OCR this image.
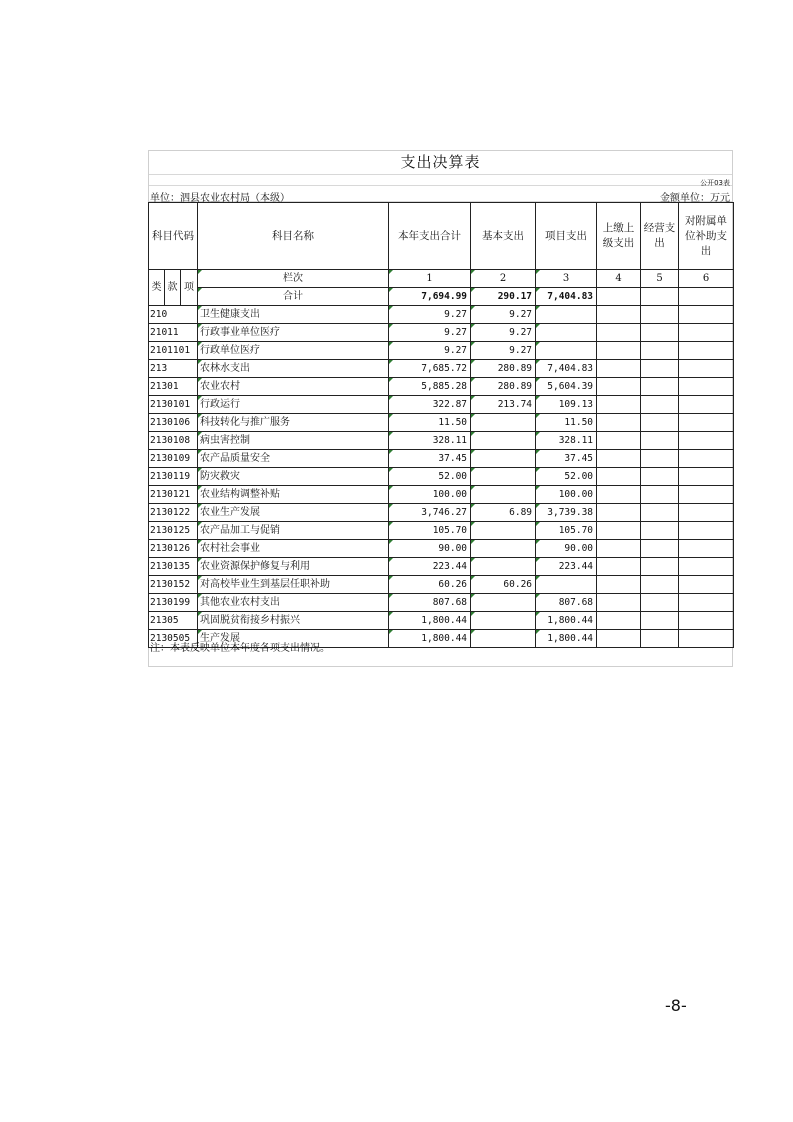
支出决算表
公开03表
单位：泗县农业农村局（本级）	金额单位：万元
科目代码			科目名称	本年支出合计	基本支出	项目支出	上缴上级支出	经营支出	对附属单位补助支出
类	款	项	栏次	1	2	3	4	5	6
			合计	7,694.99	290.17	7,404.83			
210			卫生健康支出	9.27	9.27				
21011			行政事业单位医疗	9.27	9.27				
2101101			行政单位医疗	9.27	9.27				
213			农林水支出	7,685.72	280.89	7,404.83			
21301			农业农村	5,885.28	280.89	5,604.39			
2130101			行政运行	322.87	213.74	109.13			
2130106			科技转化与推广服务	11.50		11.50			
2130108			病虫害控制	328.11		328.11			
2130109			农产品质量安全	37.45		37.45			
2130119			防灾救灾	52.00		52.00			
2130121			农业结构调整补贴	100.00		100.00			
2130122			农业生产发展	3,746.27	6.89	3,739.38			
2130125			农产品加工与促销	105.70		105.70			
2130126			农村社会事业	90.00		90.00			
2130135			农业资源保护修复与利用	223.44		223.44			
2130152			对高校毕业生到基层任职补助	60.26	60.26				
2130199			其他农业农村支出	807.68		807.68			
21305			巩固脱贫衔接乡村振兴	1,800.44		1,800.44			
2130505			生产发展	1,800.44		1,800.44			
注：本表反映单位本年度各项支出情况。
-8-
